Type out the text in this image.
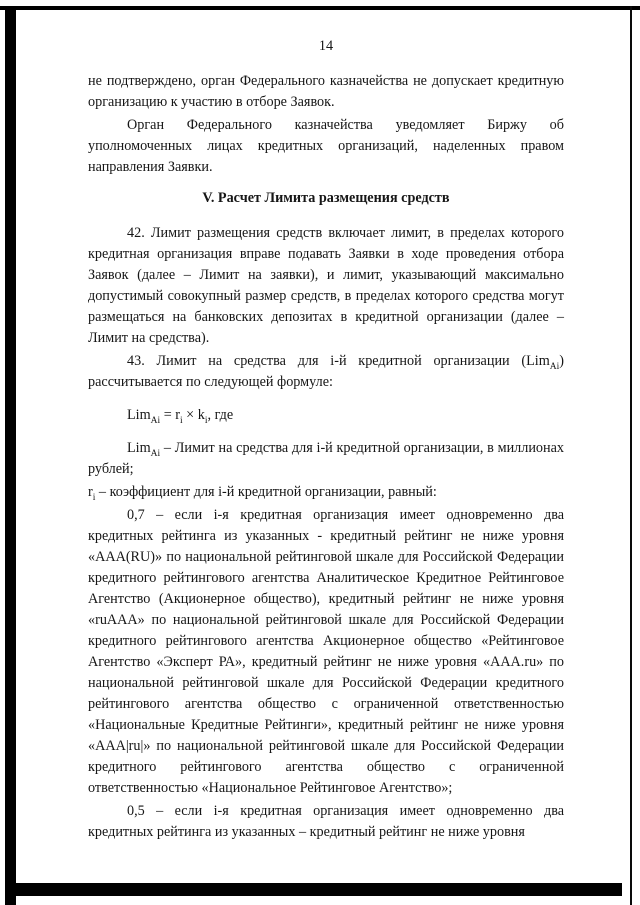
14

не подтверждено, орган Федерального казначейства не допускает кредитную организацию к участию в отборе Заявок.

Орган Федерального казначейства уведомляет Биржу об уполномоченных лицах кредитных организаций, наделенных правом направления Заявки.

V. Расчет Лимита размещения средств

42. Лимит размещения средств включает лимит, в пределах которого кредитная организация вправе подавать Заявки в ходе проведения отбора Заявок (далее – Лимит на заявки), и лимит, указывающий максимально допустимый совокупный размер средств, в пределах которого средства могут размещаться на банковских депозитах в кредитной организации (далее – Лимит на средства).

43. Лимит на средства для i-й кредитной организации (Lim$_{Ai}$) рассчитывается по следующей формуле:

$Lim_{Ai} = r_i \times k_i$, где

Lim$_{Ai}$ – Лимит на средства для i-й кредитной организации, в миллионах рублей;

$r_i$ – коэффициент для i-й кредитной организации, равный:

0,7 – если i-я кредитная организация имеет одновременно два кредитных рейтинга из указанных - кредитный рейтинг не ниже уровня «AAA(RU)» по национальной рейтинговой шкале для Российской Федерации кредитного рейтингового агентства Аналитическое Кредитное Рейтинговое Агентство (Акционерное общество), кредитный рейтинг не ниже уровня «ruAAA» по национальной рейтинговой шкале для Российской Федерации кредитного рейтингового агентства Акционерное общество «Рейтинговое Агентство «Эксперт РА», кредитный рейтинг не ниже уровня «AAA.ru» по национальной рейтинговой шкале для Российской Федерации кредитного рейтингового агентства общество с ограниченной ответственностью «Национальные Кредитные Рейтинги», кредитный рейтинг не ниже уровня «AAA|ru|» по национальной рейтинговой шкале для Российской Федерации кредитного рейтингового агентства общество с ограниченной ответственностью «Национальное Рейтинговое Агентство»;

0,5 – если i-я кредитная организация имеет одновременно два кредитных рейтинга из указанных – кредитный рейтинг не ниже уровня
